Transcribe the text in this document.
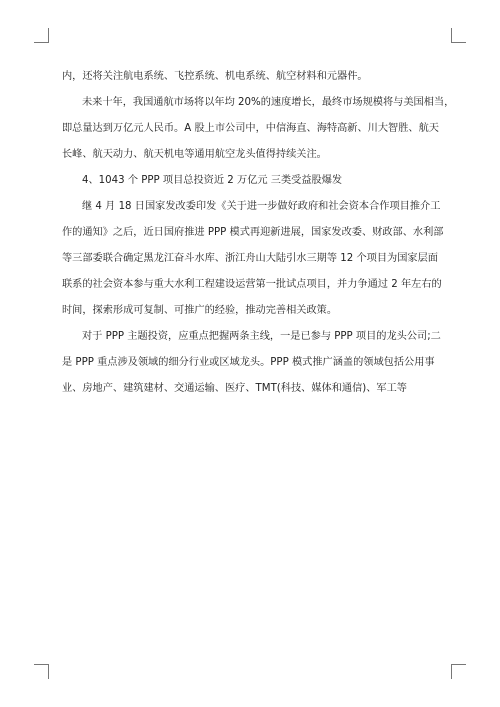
内，还将关注航电系统、飞控系统、机电系统、航空材料和元器件。
未来十年，我国通航市场将以年均 20%的速度增长，最终市场规模将与美国相当，
即总量达到万亿元人民币。A 股上市公司中，中信海直、海特高新、川大智胜、航天
长峰、航天动力、航天机电等通用航空龙头值得持续关注。
4、1043 个 PPP 项目总投资近 2 万亿元 三类受益股爆发
继 4 月 18 日国家发改委印发《关于进一步做好政府和社会资本合作项目推介工
作的通知》之后，近日国府推进 PPP 模式再迎新进展，国家发改委、财政部、水利部
等三部委联合确定黑龙江奋斗水库、浙江舟山大陆引水三期等 12 个项目为国家层面
联系的社会资本参与重大水利工程建设运营第一批试点项目，并力争通过 2 年左右的
时间，探索形成可复制、可推广的经验，推动完善相关政策。
对于 PPP 主题投资，应重点把握两条主线，一是已参与 PPP 项目的龙头公司;二
是 PPP 重点涉及领域的细分行业或区域龙头。PPP 模式推广涵盖的领域包括公用事
业、房地产、建筑建材、交通运输、医疗、TMT(科技、媒体和通信)、军工等
